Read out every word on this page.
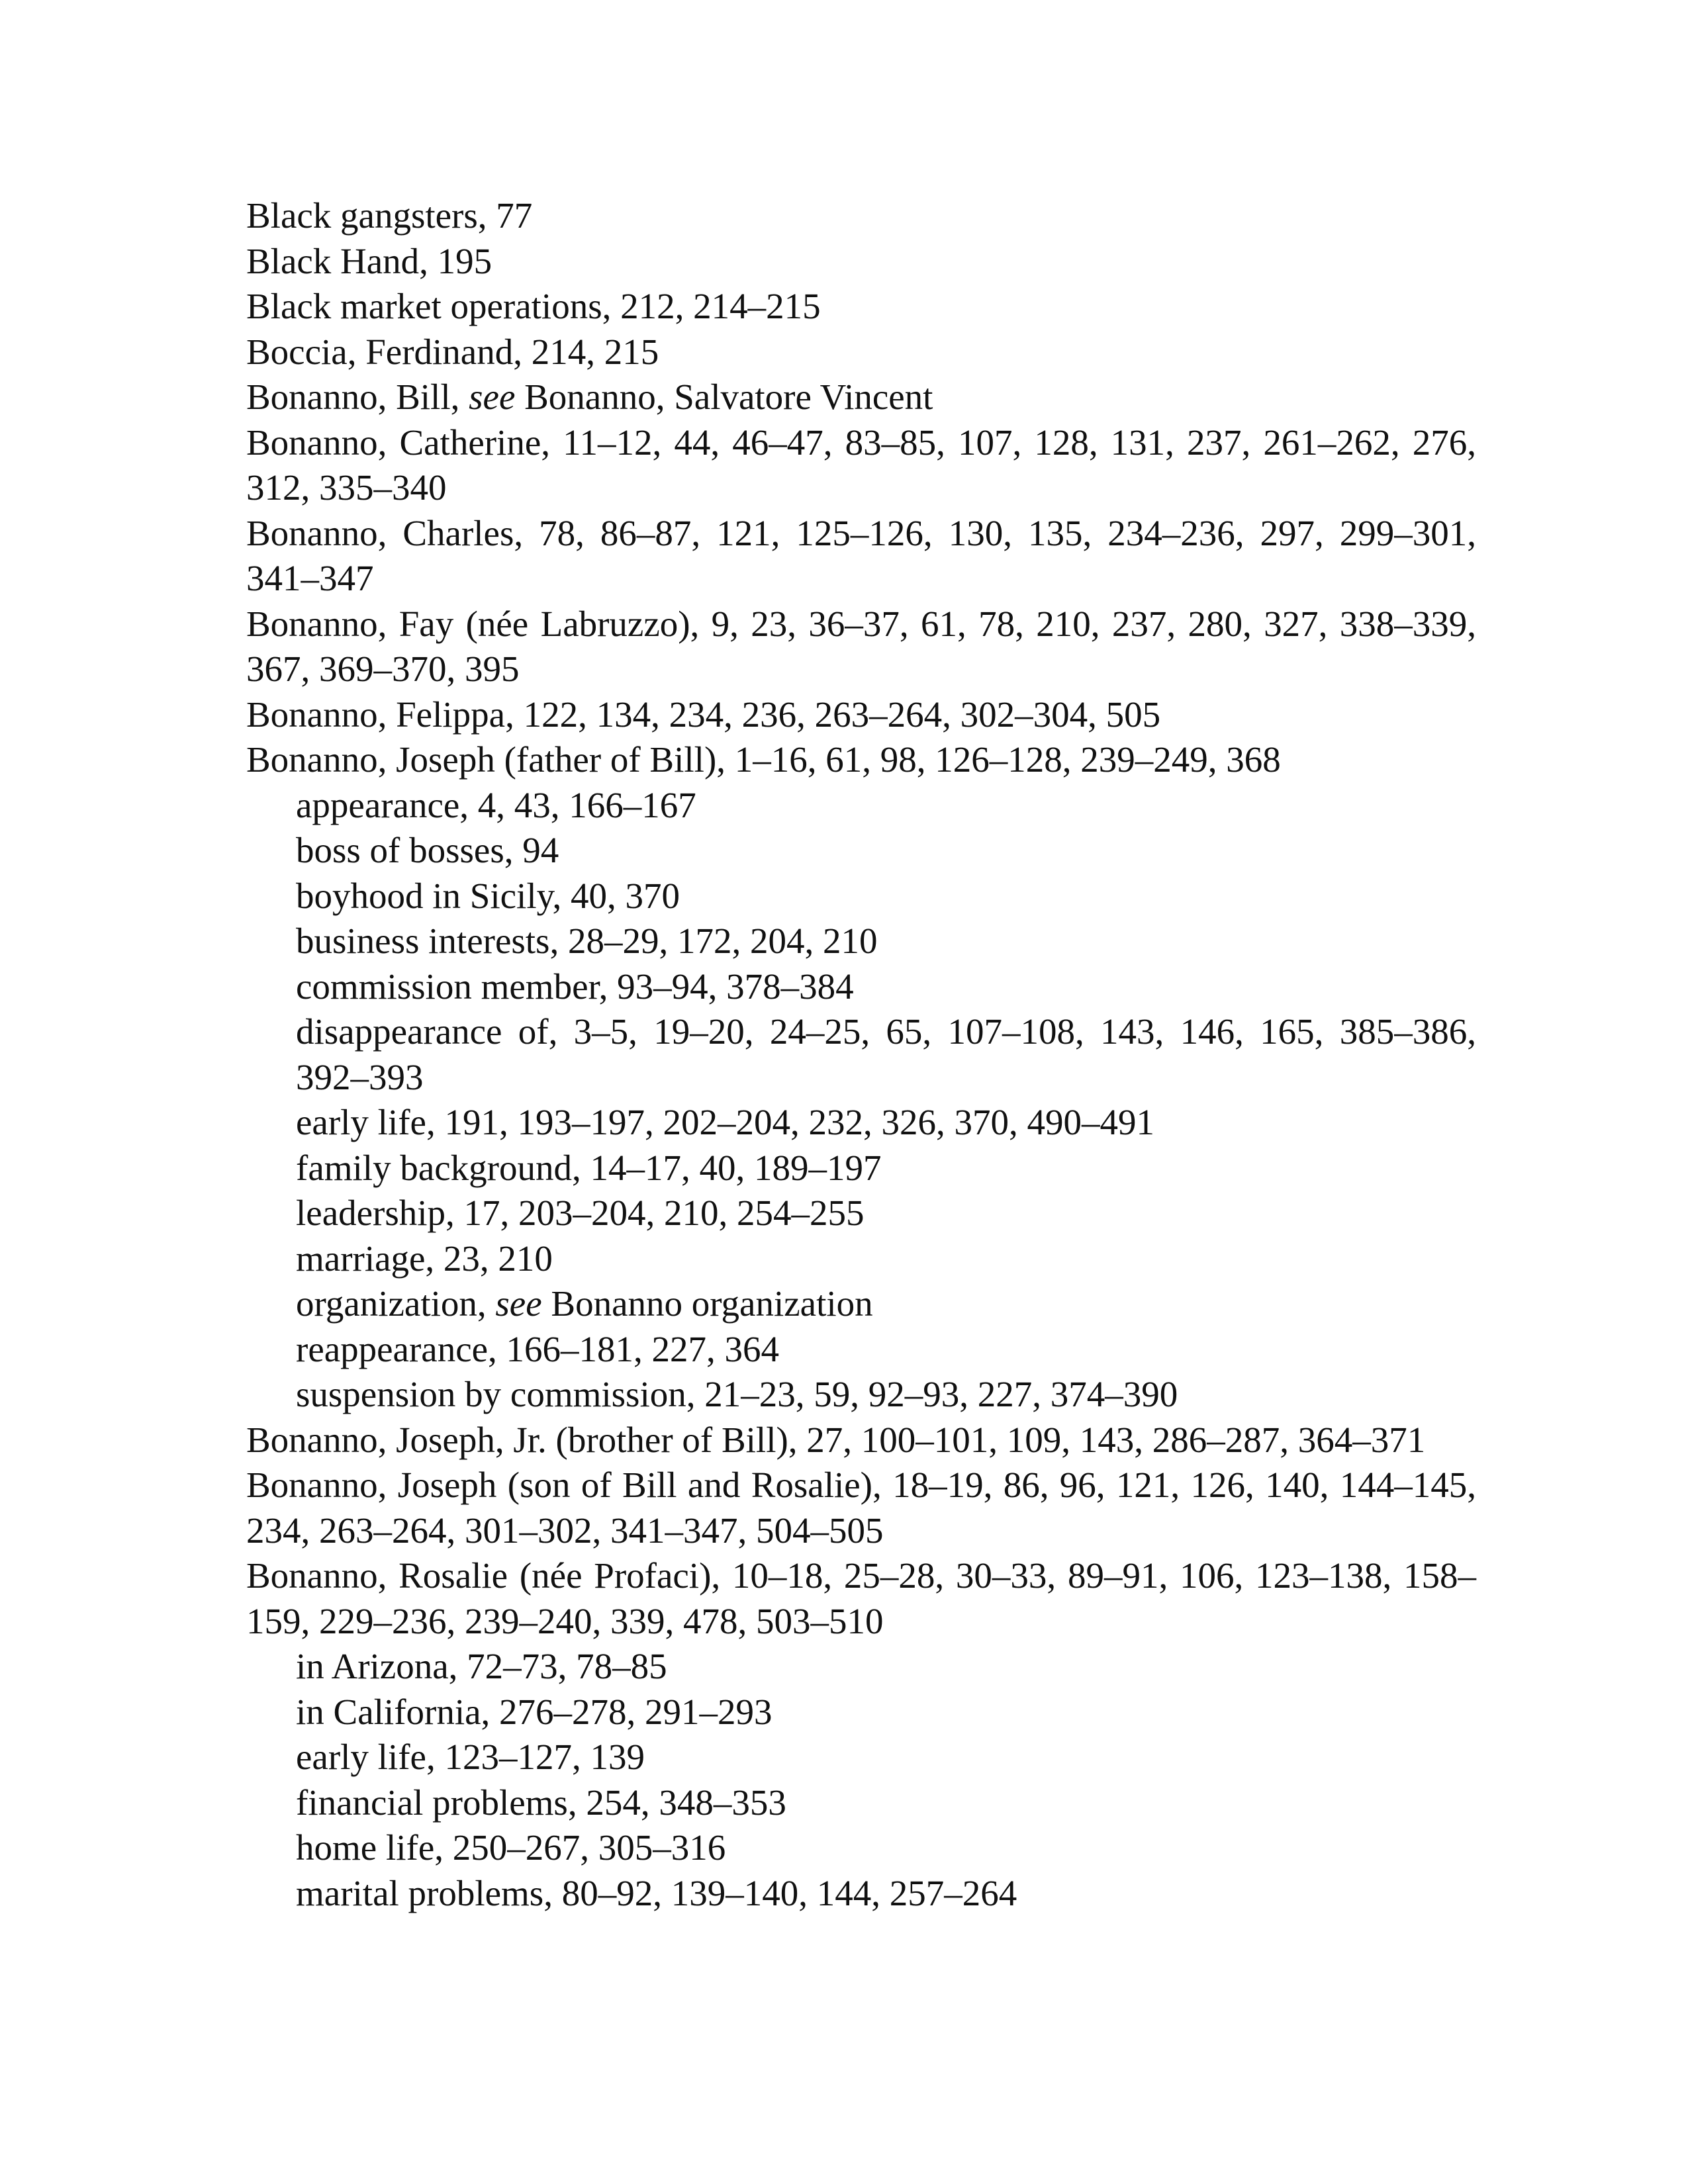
Black gangsters, 77

Black Hand, 195

Black market operations, 212, 214–215

Boccia, Ferdinand, 214, 215

Bonanno, Bill, see Bonanno, Salvatore Vincent

Bonanno, Catherine, 11–12, 44, 46–47, 83–85, 107, 128, 131, 237, 261–262, 276, 312, 335–340

Bonanno, Charles, 78, 86–87, 121, 125–126, 130, 135, 234–236, 297, 299–301, 341–347

Bonanno, Fay (née Labruzzo), 9, 23, 36–37, 61, 78, 210, 237, 280, 327, 338–339, 367, 369–370, 395

Bonanno, Felippa, 122, 134, 234, 236, 263–264, 302–304, 505

Bonanno, Joseph (father of Bill), 1–16, 61, 98, 126–128, 239–249, 368

appearance, 4, 43, 166–167

boss of bosses, 94

boyhood in Sicily, 40, 370

business interests, 28–29, 172, 204, 210

commission member, 93–94, 378–384

disappearance of, 3–5, 19–20, 24–25, 65, 107–108, 143, 146, 165, 385–386, 392–393

early life, 191, 193–197, 202–204, 232, 326, 370, 490–491

family background, 14–17, 40, 189–197

leadership, 17, 203–204, 210, 254–255

marriage, 23, 210

organization, see Bonanno organization

reappearance, 166–181, 227, 364

suspension by commission, 21–23, 59, 92–93, 227, 374–390

Bonanno, Joseph, Jr. (brother of Bill), 27, 100–101, 109, 143, 286–287, 364–371

Bonanno, Joseph (son of Bill and Rosalie), 18–19, 86, 96, 121, 126, 140, 144–145, 234, 263–264, 301–302, 341–347, 504–505

Bonanno, Rosalie (née Profaci), 10–18, 25–28, 30–33, 89–91, 106, 123–138, 158–159, 229–236, 239–240, 339, 478, 503–510

in Arizona, 72–73, 78–85

in California, 276–278, 291–293

early life, 123–127, 139

financial problems, 254, 348–353

home life, 250–267, 305–316

marital problems, 80–92, 139–140, 144, 257–264
